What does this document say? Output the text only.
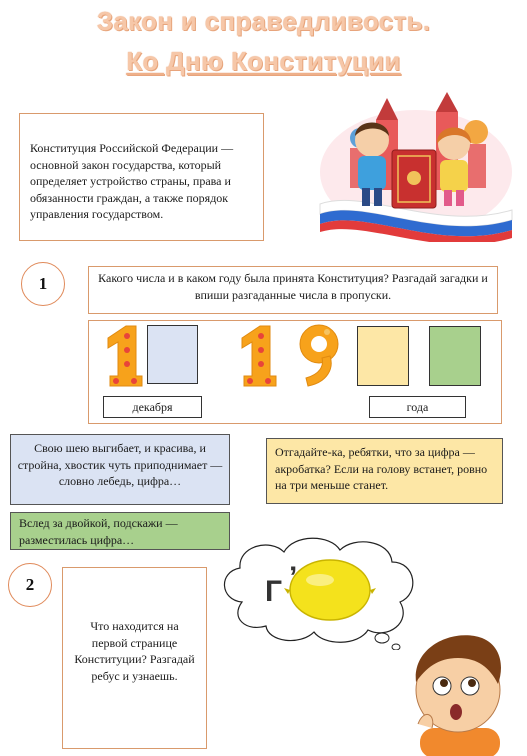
Закон и справедливость.
Ко Дню Конституции
Конституция Российской Федерации — основной закон государства, который определяет устройство страны, права и обязанности граждан, а также порядок управления государством.
1	Какого числа и в каком году была принята Конституция? Разгадай загадки и впиши разгаданные числа в пропуски.
декабря	года
Свою шею выгибает, и красива, и стройна, хвостик чуть приподнимает — словно лебедь, цифра…
Отгадайте-ка, ребятки, что за цифра — акробатка? Если на голову встанет, ровно на три меньше станет.
Вслед за двойкой, подскажи — разместилась цифра…
2
Что находится на первой странице Конституции? Разгадай ребус и узнаешь.
Г ’
